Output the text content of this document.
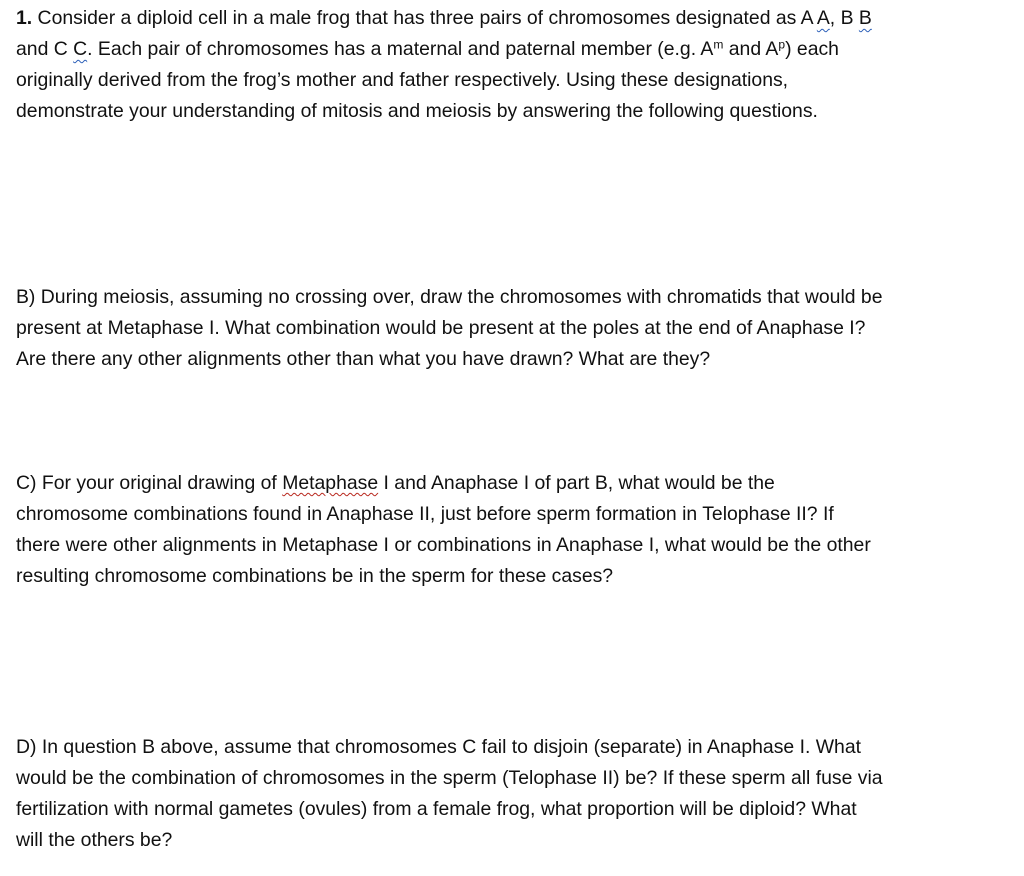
1. Consider a diploid cell in a male frog that has three pairs of chromosomes designated as A A, B B
and C C. Each pair of chromosomes has a maternal and paternal member (e.g. $A^m$ and $A^p$) each
originally derived from the frog’s mother and father respectively. Using these designations,
demonstrate your understanding of mitosis and meiosis by answering the following questions.

B) During meiosis, assuming no crossing over, draw the chromosomes with chromatids that would be
present at Metaphase I. What combination would be present at the poles at the end of Anaphase I?
Are there any other alignments other than what you have drawn? What are they?

C) For your original drawing of Metaphase I and Anaphase I of part B, what would be the
chromosome combinations found in Anaphase II, just before sperm formation in Telophase II? If
there were other alignments in Metaphase I or combinations in Anaphase I, what would be the other
resulting chromosome combinations be in the sperm for these cases?

D) In question B above, assume that chromosomes C fail to disjoin (separate) in Anaphase I. What
would be the combination of chromosomes in the sperm (Telophase II) be? If these sperm all fuse via
fertilization with normal gametes (ovules) from a female frog, what proportion will be diploid? What
will the others be?
